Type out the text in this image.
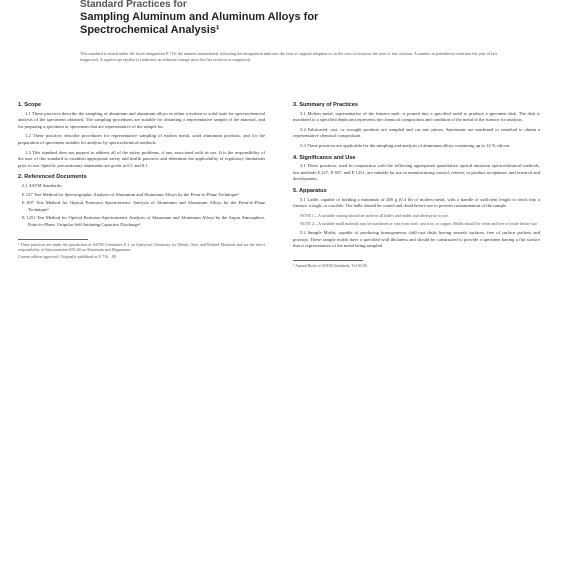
Standard Practices for
Sampling Aluminum and Aluminum Alloys for
Spectrochemical Analysis¹
This standard is issued under the fixed designation E 716; the number immediately following the designation indicates the year of original adoption or, in the case of revision, the year of last revision. A number in parentheses indicates the year of last reapproval. A superscript epsilon (ε) indicates an editorial change since the last revision or reapproval.
1. Scope

1.1 These practices describe the sampling of aluminum and aluminum alloys in either a molten or solid state for spectrochemical analysis of the specimens obtained. The sampling procedures are suitable for obtaining a representative sample of the material, and for preparing a specimen or specimens that are representative of the sample lot.

1.2 These practices describe procedures for representative sampling of molten metal, solid aluminum products, and for the preparation of specimens suitable for analysis by spectrochemical methods.

1.3 This standard does not purport to address all of the safety problems, if any, associated with its use. It is the responsibility of the user of this standard to establish appropriate safety and health practices and determine the applicability of regulatory limitations prior to use. Specific precautionary statements are given in 6.1 and 8.1.

2. Referenced Documents

2.1 ASTM Standards:

E 227 Test Method for Spectrographic Analysis of Aluminum and Aluminum Alloys by the Point-to-Plane Technique²

E 607 Test Method for Optical Emission Spectrometric Analysis of Aluminum and Aluminum Alloys by the Point-to-Plane Technique²

E 1251 Test Method for Optical Emission Spectrometric Analysis of Aluminum and Aluminum Alloys by the Argon Atmosphere, Point-to-Plane, Unipolar Self-Initiating Capacitor Discharge²

¹ These practices are under the jurisdiction of ASTM Committee E-1 on Analytical Chemistry for Metals, Ores, and Related Materials and are the direct responsibility of Subcommittee E01.04 on Aluminum and Magnesium.

Current edition approved. Originally published as E 716 – 80.

3. Summary of Practices

3.1 Molten metal, representative of the furnace melt, is poured into a specified mold to produce a specimen disk. The disk is machined to a specified depth and represents the chemical composition and condition of the metal in the furnace for analysis.

3.2 Fabricated, cast, or wrought products are sampled and cut into pieces. Specimens are machined or remelted to obtain a representative chemical composition.

3.3 These practices are applicable for the sampling and analysis of aluminum alloys containing up to 12 % silicon.

4. Significance and Use

4.1 These practices, used in conjunction with the following appropriate quantitative optical emission spectrochemical methods, test methods E 227, E 607, and E 1251, are suitable for use in manufacturing control, referee, or product acceptance, and research and development.

5. Apparatus

5.1 Ladle, capable of holding a minimum of 200 g (0.4 lb) of molten metal, with a handle of sufficient length to reach into a furnace, trough, or crucible. The ladle should be coated and dried before use to prevent contamination of the sample.

NOTE 1—A suitable coating should be used on all ladles and molds and dried prior to use.

NOTE 2—A suitable mold material may be machined or cast from steel, cast iron, or copper. Molds should be clean and free of oxide before use.

5.2 Sample Molds, capable of producing homogeneous chill-cast disks having smooth surfaces, free of surface pockets and porosity. These sample molds have a specified wall thickness and should be constructed to provide a specimen having a flat surface that is representative of the metal being sampled.

² Annual Book of ASTM Standards, Vol 03.05.
